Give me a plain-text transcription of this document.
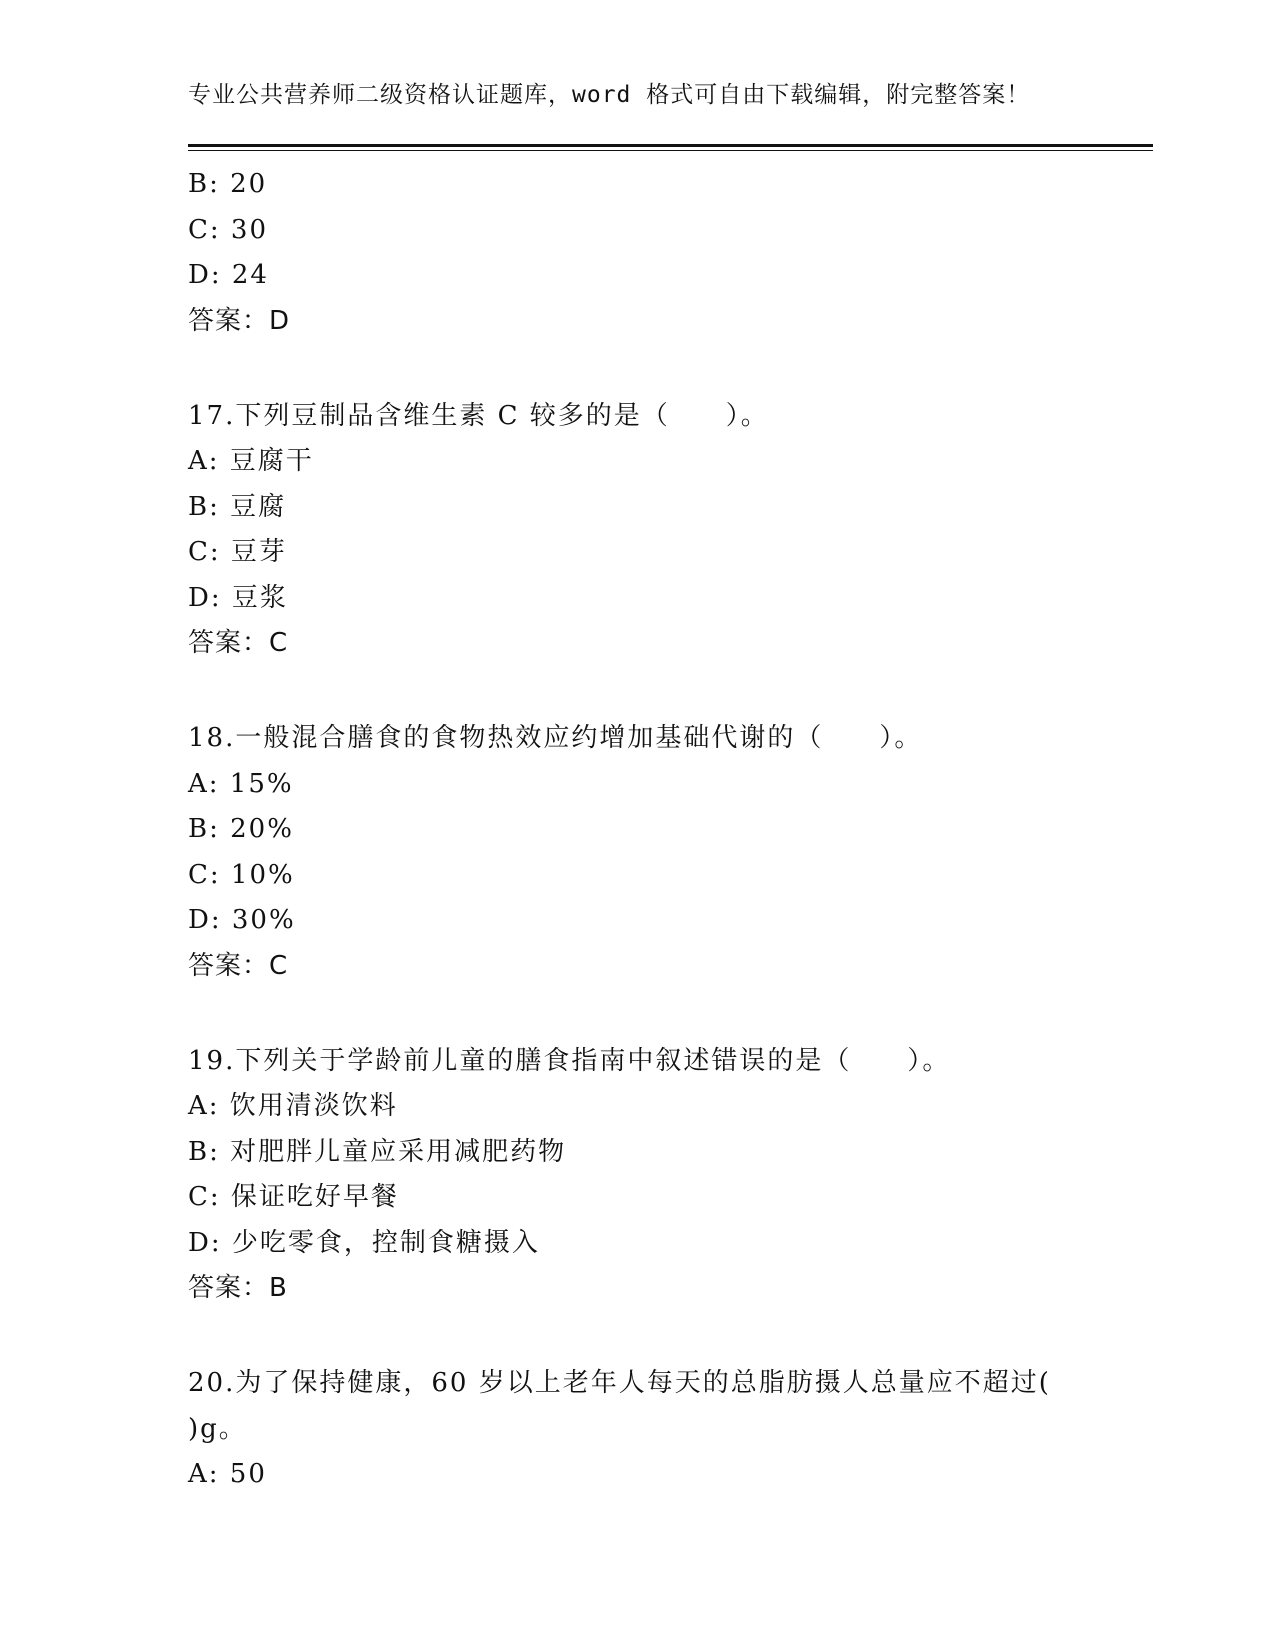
专业公共营养师二级资格认证题库，word 格式可自由下载编辑，附完整答案！
B: 20
C: 30
D: 24
答案：D
17.下列豆制品含维生素 C 较多的是（　　）。
A: 豆腐干
B: 豆腐
C: 豆芽
D: 豆浆
答案：C
18.一般混合膳食的食物热效应约增加基础代谢的（　　）。
A: 15%
B: 20%
C: 10%
D: 30%
答案：C
19.下列关于学龄前儿童的膳食指南中叙述错误的是（　　）。
A: 饮用清淡饮料
B: 对肥胖儿童应采用减肥药物
C: 保证吃好早餐
D: 少吃零食，控制食糖摄入
答案：B
20.为了保持健康，60 岁以上老年人每天的总脂肪摄人总量应不超过(
)g。
A: 50
